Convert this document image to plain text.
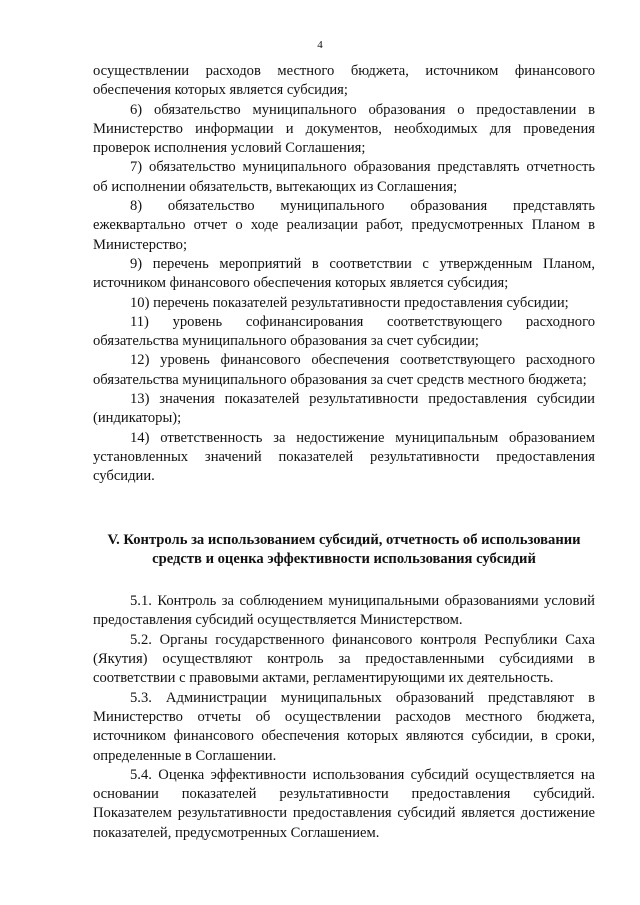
4

осуществлении расходов местного бюджета, источником финансового обеспечения которых является субсидия;

6) обязательство муниципального образования о предоставлении в Министерство информации и документов, необходимых для проведения проверок исполнения условий Соглашения;

7) обязательство муниципального образования представлять отчетность об исполнении обязательств, вытекающих из Соглашения;

8) обязательство муниципального образования представлять ежеквартально отчет о ходе реализации работ, предусмотренных Планом в Министерство;

9) перечень мероприятий в соответствии с утвержденным Планом, источником финансового обеспечения которых является субсидия;

10) перечень показателей результативности предоставления субсидии;

11) уровень софинансирования соответствующего расходного обязательства муниципального образования за счет субсидии;

12) уровень финансового обеспечения соответствующего расходного обязательства муниципального образования за счет средств местного бюджета;

13) значения показателей результативности предоставления субсидии (индикаторы);

14) ответственность за недостижение муниципальным образованием установленных значений показателей результативности предоставления субсидии.

V. Контроль за использованием субсидий, отчетность об использовании
средств и оценка эффективности использования субсидий

5.1. Контроль за соблюдением муниципальными образованиями условий предоставления субсидий осуществляется Министерством.

5.2. Органы государственного финансового контроля Республики Саха (Якутия) осуществляют контроль за предоставленными субсидиями в соответствии с правовыми актами, регламентирующими их деятельность.

5.3. Администрации муниципальных образований представляют в Министерство отчеты об осуществлении расходов местного бюджета, источником финансового обеспечения которых являются субсидии, в сроки, определенные в Соглашении.

5.4. Оценка эффективности использования субсидий осуществляется на основании показателей результативности предоставления субсидий. Показателем результативности предоставления субсидий является достижение показателей, предусмотренных Соглашением.
